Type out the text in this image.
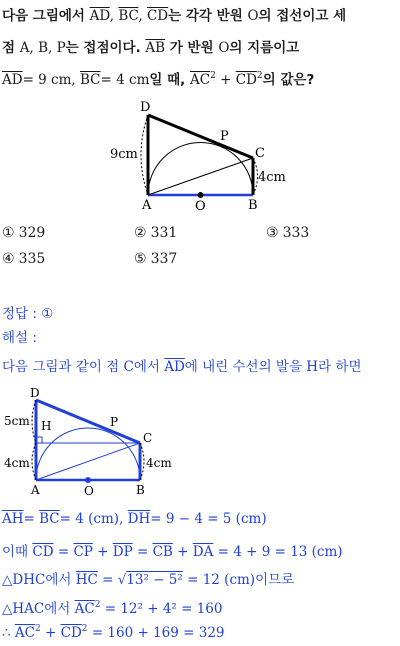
다음 그림에서 $\overline{AD}$, $\overline{BC}$, $\overline{CD}$는 각각 반원 O의 접선이고 세
점 A, B, P는 접점이다. $\overline{AB}$ 가 반원 O의 지름이고
$\overline{AD}= 9$ cm, $\overline{BC}= 4$ cm일 때, $\overline{AC}^2 + \overline{CD}^2$의 값은?
D
P
C
A	O	B
9cm
4cm
① 329	② 331	③ 333
④ 335	⑤ 337
정답 : ①
해설 :
다음 그림과 같이 점 C에서 $\overline{AD}$에 내린 수선의 발을 H라 하면
D
H	P
C
A	O	B
5cm
4cm	4cm
$\overline{AH}= \overline{BC}= 4$ (cm), $\overline{DH}= 9 - 4 = 5$ (cm)
이때 $\overline{CD} = \overline{CP} + \overline{DP} = \overline{CB} + \overline{DA} = 4 + 9 = 13$ (cm)
△DHC에서 $\overline{HC} = √13^2 - 5^2 = 12$ (cm)이므로
△HAC에서 $\overline{AC}^2 = 12^2 + 4^2 = 160$
∴ $\overline{AC}^2 + \overline{CD}^2 = 160 + 169 = 329$
